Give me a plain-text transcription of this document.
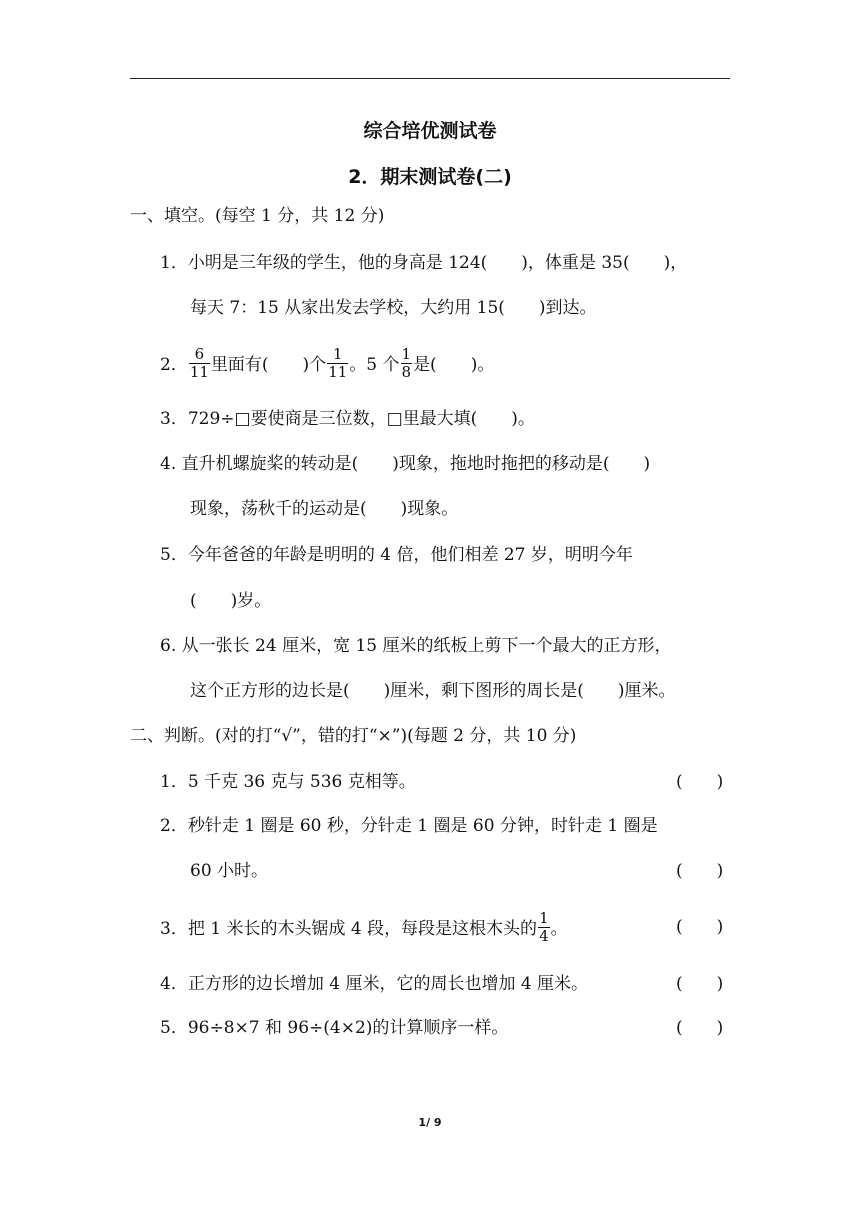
综合培优测试卷
2．期末测试卷(二)
一、填空。(每空 1 分，共 12 分)
1．小明是三年级的学生，他的身高是 124(　　)，体重是 35(　　)，
每天 7：15 从家出发去学校，大约用 15(　　)到达。
2． $\frac{6}{11}$ 里面有(　　)个 $\frac{1}{11}$ 。5 个 $\frac{1}{8}$ 是(　　)。
3．729÷□要使商是三位数，□里最大填(　　)。
4. 直升机螺旋桨的转动是(　　)现象，拖地时拖把的移动是(　　)
现象，荡秋千的运动是(　　)现象。
5．今年爸爸的年龄是明明的 4 倍，他们相差 27 岁，明明今年
(　　)岁。
6. 从一张长 24 厘米，宽 15 厘米的纸板上剪下一个最大的正方形，
这个正方形的边长是(　　)厘米，剩下图形的周长是(　　)厘米。
二、判断。(对的打“√”，错的打“×”)(每题 2 分，共 10 分)
1．5 千克 36 克与 536 克相等。	(　　)
2．秒针走 1 圈是 60 秒，分针走 1 圈是 60 分钟，时针走 1 圈是
60 小时。	(　　)
3．把 1 米长的木头锯成 4 段，每段是这根木头的 $\frac{1}{4}$ 。	(　　)
4．正方形的边长增加 4 厘米，它的周长也增加 4 厘米。	(　　)
5．96÷8×7 和 96÷(4×2)的计算顺序一样。	(　　)
1/ 9
